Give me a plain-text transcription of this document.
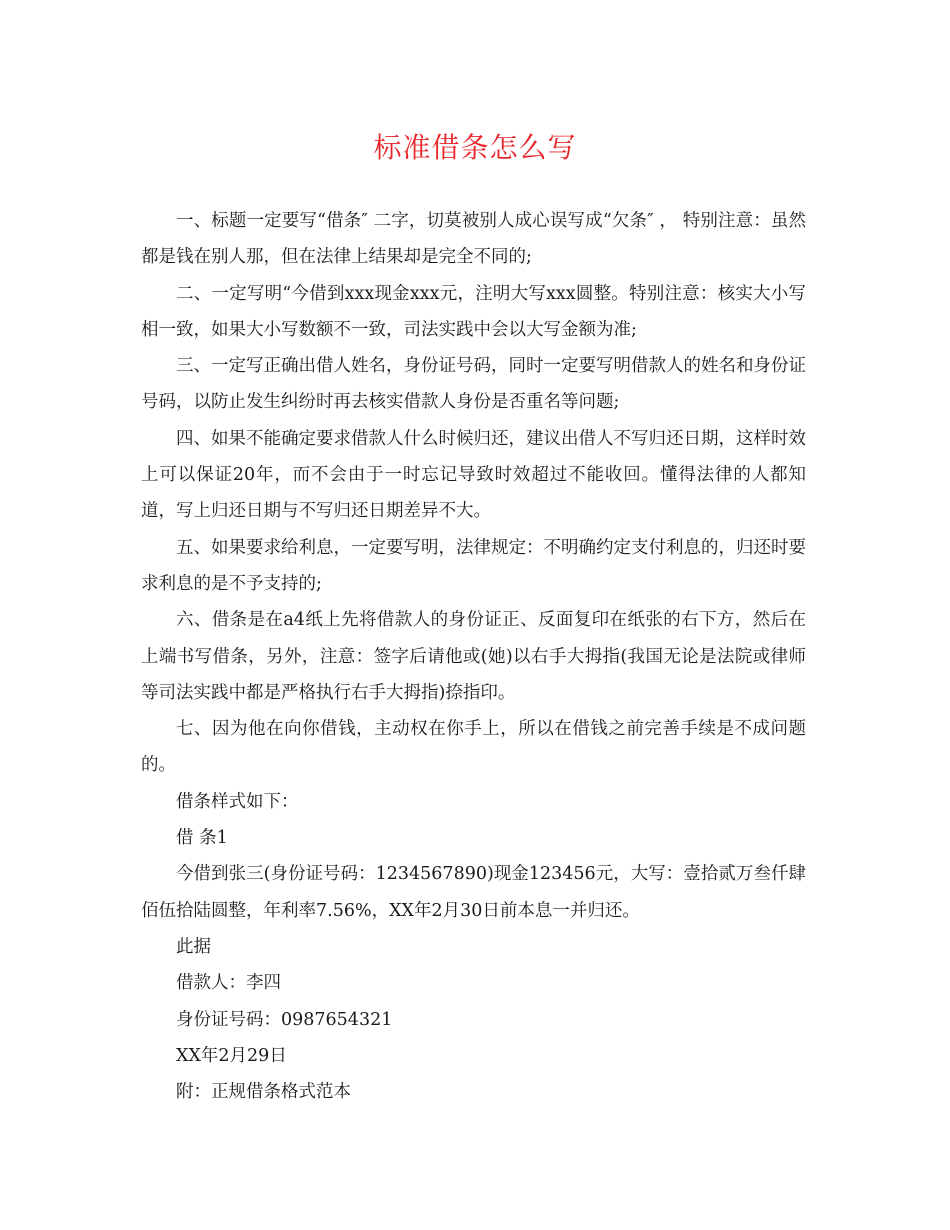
标准借条怎么写

一、标题一定要写“借条″ 二字，切莫被别人成心误写成“欠条″ ， 特别注意：虽然都是钱在别人那，但在法律上结果却是完全不同的;

二、一定写明“今借到xxx现金xxx元，注明大写xxx圆整。特别注意：核实大小写相一致，如果大小写数额不一致，司法实践中会以大写金额为准;

三、一定写正确出借人姓名，身份证号码，同时一定要写明借款人的姓名和身份证号码，以防止发生纠纷时再去核实借款人身份是否重名等问题;

四、如果不能确定要求借款人什么时候归还，建议出借人不写归还日期，这样时效上可以保证20年，而不会由于一时忘记导致时效超过不能收回。懂得法律的人都知道，写上归还日期与不写归还日期差异不大。

五、如果要求给利息，一定要写明，法律规定：不明确约定支付利息的，归还时要求利息的是不予支持的;

六、借条是在a4纸上先将借款人的身份证正、反面复印在纸张的右下方，然后在上端书写借条，另外，注意：签字后请他或(她)以右手大拇指(我国无论是法院或律师等司法实践中都是严格执行右手大拇指)捺指印。

七、因为他在向你借钱，主动权在你手上，所以在借钱之前完善手续是不成问题的。

借条样式如下：

借 条1

今借到张三(身份证号码：1234567890)现金123456元，大写：壹拾贰万叁仟肆佰伍拾陆圆整，年利率7.56%，XX年2月30日前本息一并归还。

此据

借款人：李四

身份证号码：0987654321

XX年2月29日

附：正规借条格式范本
